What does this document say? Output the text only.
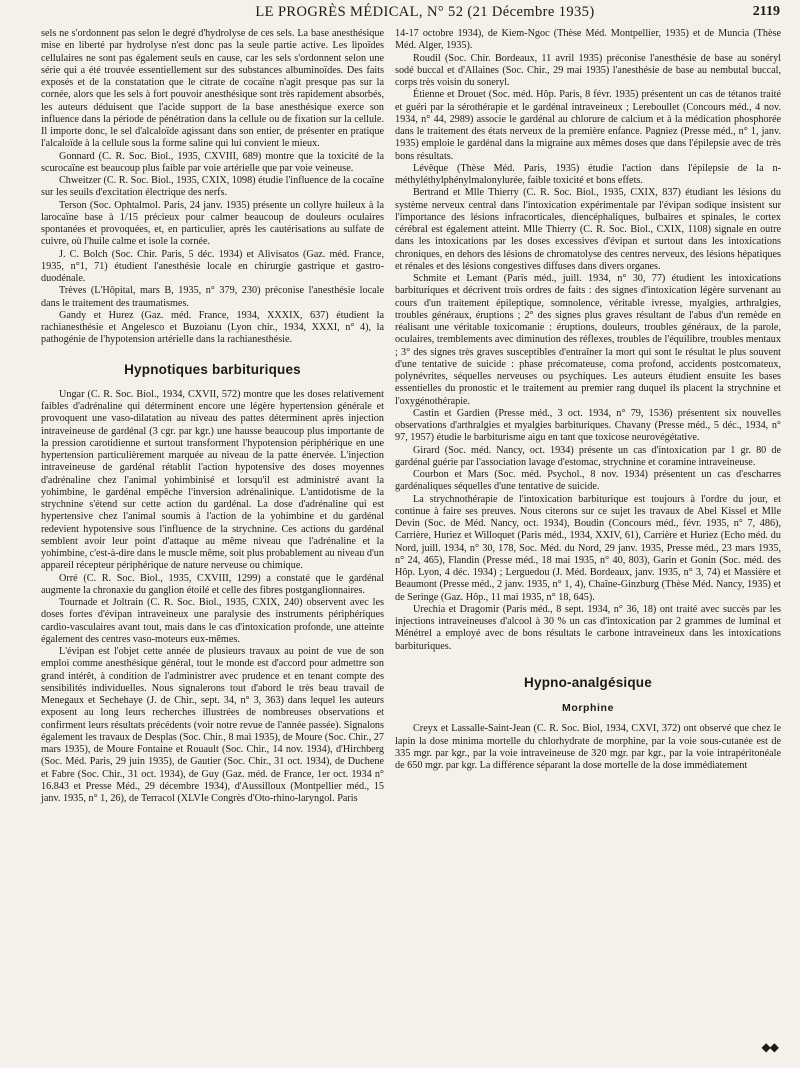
LE PROGRÈS MÉDICAL, N° 52 (21 Décembre 1935)	2119

sels ne s'ordonnent pas selon le degré d'hydrolyse de ces sels. La base anesthésique mise en liberté par hydrolyse n'est donc pas la seule partie active. Les lipoïdes cellulaires ne sont pas également seuls en cause, car les sels s'ordonnent selon une série qui a été trouvée essentiellement sur des substances albuminoïdes. Des faits exposés et de la constatation que le citrate de cocaïne n'agit presque pas sur la cornée, alors que les sels à fort pouvoir anesthésique sont très rapidement absorbés, les auteurs déduisent que l'acide support de la base anesthésique exerce son influence dans la période de pénétration dans la cellule ou de fixation sur la cellule. Il importe donc, le sel d'alcaloïde agissant dans son entier, de présenter en pratique l'alcaloïde à la cellule sous la forme saline qui lui convient le mieux.

Gonnard (C. R. Soc. Biol., 1935, CXVIII, 689) montre que la toxicité de la scurocaïne est beaucoup plus faible par voie artérielle que par voie veineuse.

Chweitzer (C. R. Soc. Biol., 1935, CXIX, 1098) étudie l'influence de la cocaïne sur les seuils d'excitation électrique des nerfs.

Terson (Soc. Ophtalmol. Paris, 24 janv. 1935) présente un collyre huileux à la larocaïne base à 1/15 précieux pour calmer beaucoup de douleurs oculaires spontanées et provoquées, et, en particulier, après les cautérisations au sulfate de cuivre, où l'huile calme et isole la cornée.

J. C. Bolch (Soc. Chir. Paris, 5 déc. 1934) et Alivisatos (Gaz. méd. France, 1935, n°1, 71) étudient l'anesthésie locale en chirurgie gastrique et gastro-duodénale.

Trèves (L'Hôpital, mars B, 1935, n° 379, 230) préconise l'anesthésie locale dans le traitement des traumatismes.

Gandy et Hurez (Gaz. méd. France, 1934, XXXIX, 637) étudient la rachianesthésie et Angelesco et Buzoianu (Lyon chir., 1934, XXXI, n° 4), la pathogénie de l'hypotension artérielle dans la rachianesthésie.

Hypnotiques barbituriques

Ungar (C. R. Soc. Biol., 1934, CXVII, 572) montre que les doses relativement faibles d'adrénaline qui déterminent encore une légère hypertension générale et provoquent une vaso-dilatation au niveau des pattes déterminent après injection intraveineuse de gardénal (3 cgr. par kgr.) une hausse beaucoup plus importante de la pression carotidienne et surtout transforment l'hypotension périphérique en une hypertension particulièrement marquée au niveau de la patte énervée. L'injection intraveineuse de gardénal rétablit l'action hypotensive des doses moyennes d'adrénaline chez l'animal yohimbinisé et lorsqu'il est administré avant la yohimbine, le gardénal empêche l'inversion adrénalinique. L'antidotisme de la strychnine s'étend sur cette action du gardénal. La dose d'adrénaline qui est hypertensive chez l'animal soumis à l'action de la yohimbine et du gardénal redevient hypotensive sous l'influence de la strychnine. Ces actions du gardénal semblent avoir leur point d'attaque au même niveau que l'adrénaline et la yohimbine, c'est-à-dire dans le muscle même, soit plus probablement au niveau d'un appareil récepteur périphérique de nature nerveuse ou chimique.

Orré (C. R. Soc. Biol., 1935, CXVIII, 1299) a constaté que le gardénal augmente la chronaxie du ganglion étoilé et celle des fibres postganglionnaires.

Tournade et Joltrain (C. R. Soc. Biol., 1935, CXIX, 240) observent avec les doses fortes d'évipan intraveineux une paralysie des instruments périphériques cardio-vasculaires avant tout, mais dans le cas d'intoxication profonde, une atteinte également des centres vaso-moteurs eux-mêmes.

L'évipan est l'objet cette année de plusieurs travaux au point de vue de son emploi comme anesthésique général, tout le monde est d'accord pour admettre son grand intérêt, à condition de l'administrer avec prudence et en tenant compte des sensibilités individuelles. Nous signalerons tout d'abord le très beau travail de Menegaux et Sechehaye (J. de Chir., sept. 34, n° 3, 363) dans lequel les auteurs exposent au long leurs recherches illustrées de nombreuses observations et confirment leurs résultats précédents (voir notre revue de l'année passée). Signalons également les travaux de Desplas (Soc. Chir., 8 mai 1935), de Moure (Soc. Chir., 27 mars 1935), de Moure Fontaine et Rouault (Soc. Chir., 14 nov. 1934), d'Hirchberg (Soc. Méd. Paris, 29 juin 1935), de Gautier (Soc. Chir., 31 oct. 1934), de Duchene et Fabre (Soc. Chir., 31 oct. 1934), de Guy (Gaz. méd. de France, 1er oct. 1934 n° 16.843 et Presse Méd., 29 décembre 1934), d'Aussilloux (Montpellier méd., 15 janv. 1935, n° 1, 26), de Terracol (XLVIe Congrès d'Oto-rhino-laryngol. Paris

14-17 octobre 1934), de Kiem-Ngoc (Thèse Méd. Montpellier, 1935) et de Muncia (Thèse Méd. Alger, 1935).

Roudil (Soc. Chir. Bordeaux, 11 avril 1935) préconise l'anesthésie de base au sonéryl sodé buccal et d'Allaines (Soc. Chir., 29 mai 1935) l'anesthésie de base au nembutal buccal, corps très voisin du soneryl.

Étienne et Drouet (Soc. méd. Hôp. Paris, 8 févr. 1935) présentent un cas de tétanos traité et guéri par la sérothérapie et le gardénal intraveineux ; Lereboullet (Concours méd., 4 nov. 1934, n° 44, 2989) associe le gardénal au chlorure de calcium et à la médication phosphorée dans le traitement des états nerveux de la première enfance. Pagniez (Presse méd., n° 1, janv. 1935) emploie le gardénal dans la migraine aux mêmes doses que dans l'épilepsie avec de très bons résultats.

Lévêque (Thèse Méd. Paris, 1935) étudie l'action dans l'épilepsie de la n-méthyléthylphénylmalonylurée, faible toxicité et bons effets.

Bertrand et Mlle Thierry (C. R. Soc. Biol., 1935, CXIX, 837) étudiant les lésions du système nerveux central dans l'intoxication expérimentale par l'évipan sodique insistent sur l'importance des lésions infracorticales, diencéphaliques, bulbaires et spinales, le cortex cérébral est également atteint. Mlle Thierry (C. R. Soc. Biol., CXIX, 1108) signale en outre dans les intoxications par les doses excessives d'évipan et surtout dans les intoxications chroniques, en dehors des lésions de chromatolyse des centres nerveux, des lésions hépatiques et rénales et des lésions congestives diffuses dans divers organes.

Schmite et Lemant (Paris méd., juill. 1934, n° 30, 77) étudient les intoxications barbituriques et décrivent trois ordres de faits : des signes d'intoxication légère survenant au cours d'un traitement épileptique, somnolence, véritable ivresse, myalgies, arthralgies, troubles généraux, éruptions ; 2° des signes plus graves résultant de l'abus d'un remède en réalisant une véritable toxicomanie : éruptions, douleurs, troubles généraux, de la parole, oculaires, tremblements avec diminution des réflexes, troubles de l'équilibre, troubles mentaux ; 3° des signes très graves susceptibles d'entraîner la mort qui sont le résultat le plus souvent d'une tentative de suicide : phase précomateuse, coma profond, accidents postcomateux, polynévrites, séquelles nerveuses ou psychiques. Les auteurs étudient ensuite les bases essentielles du pronostic et le traitement au premier rang duquel ils placent la strychnine et l'oxygénothérapie.

Castin et Gardien (Presse méd., 3 oct. 1934, n° 79, 1536) présentent six nouvelles observations d'arthralgies et myalgies barbituriques. Chavany (Presse méd., 5 déc., 1934, n° 97, 1957) étudie le barbiturisme aigu en tant que toxicose neurovégétative.

Girard (Soc. méd. Nancy, oct. 1934) présente un cas d'intoxication par 1 gr. 80 de gardénal guérie par l'association lavage d'estomac, strychnine et coramine intraveineuse.

Courbon et Mars (Soc. méd. Psychol., 8 nov. 1934) présentent un cas d'escharres gardénaliques séquelles d'une tentative de suicide.

La strychnothérapie de l'intoxication barbiturique est toujours à l'ordre du jour, et continue à faire ses preuves. Nous citerons sur ce sujet les travaux de Abel Kissel et Mlle Devin (Soc. de Méd. Nancy, oct. 1934), Boudin (Concours méd., févr. 1935, n° 7, 486), Carrière, Huriez et Willoquet (Paris méd., 1934, XXIV, 61), Carrière et Huriez (Echo méd. du Nord, juill. 1934, n° 30, 178, Soc. Méd. du Nord, 29 janv. 1935, Presse méd., 23 mars 1935, n° 24, 465), Flandin (Presse méd., 18 mai 1935, n° 40, 803), Garin et Gonin (Soc. méd. des Hôp. Lyon, 4 déc. 1934) ; Lerguedou (J. Méd. Bordeaux, janv. 1935, n° 3, 74) et Massière et Beaumont (Presse méd., 2 janv. 1935, n° 1, 4), Chaîne-Ginzburg (Thèse Méd. Nancy, 1935) et de Seringe (Gaz. Hôp., 11 mai 1935, n° 18, 645).

Urechia et Dragomir (Paris méd., 8 sept. 1934, n° 36, 18) ont traité avec succès par les injections intraveineuses d'alcool à 30 % un cas d'intoxication par 2 grammes de luminal et Ménétrel a employé avec de bons résultats le carbone intraveineux dans les intoxications barbituriques.

Hypno-analgésique
Morphine

Creyx et Lassalle-Saint-Jean (C. R. Soc. Biol, 1934, CXVI, 372) ont observé que chez le lapin la dose minima mortelle du chlorhydrate de morphine, par la voie sous-cutanée est de 335 mgr. par kgr., par la voie intraveineuse de 320 mgr. par kgr., par la voie intrapéritonéale de 650 mgr. par kgr. La différence séparant la dose mortelle de la dose immédiatement

◆◆
